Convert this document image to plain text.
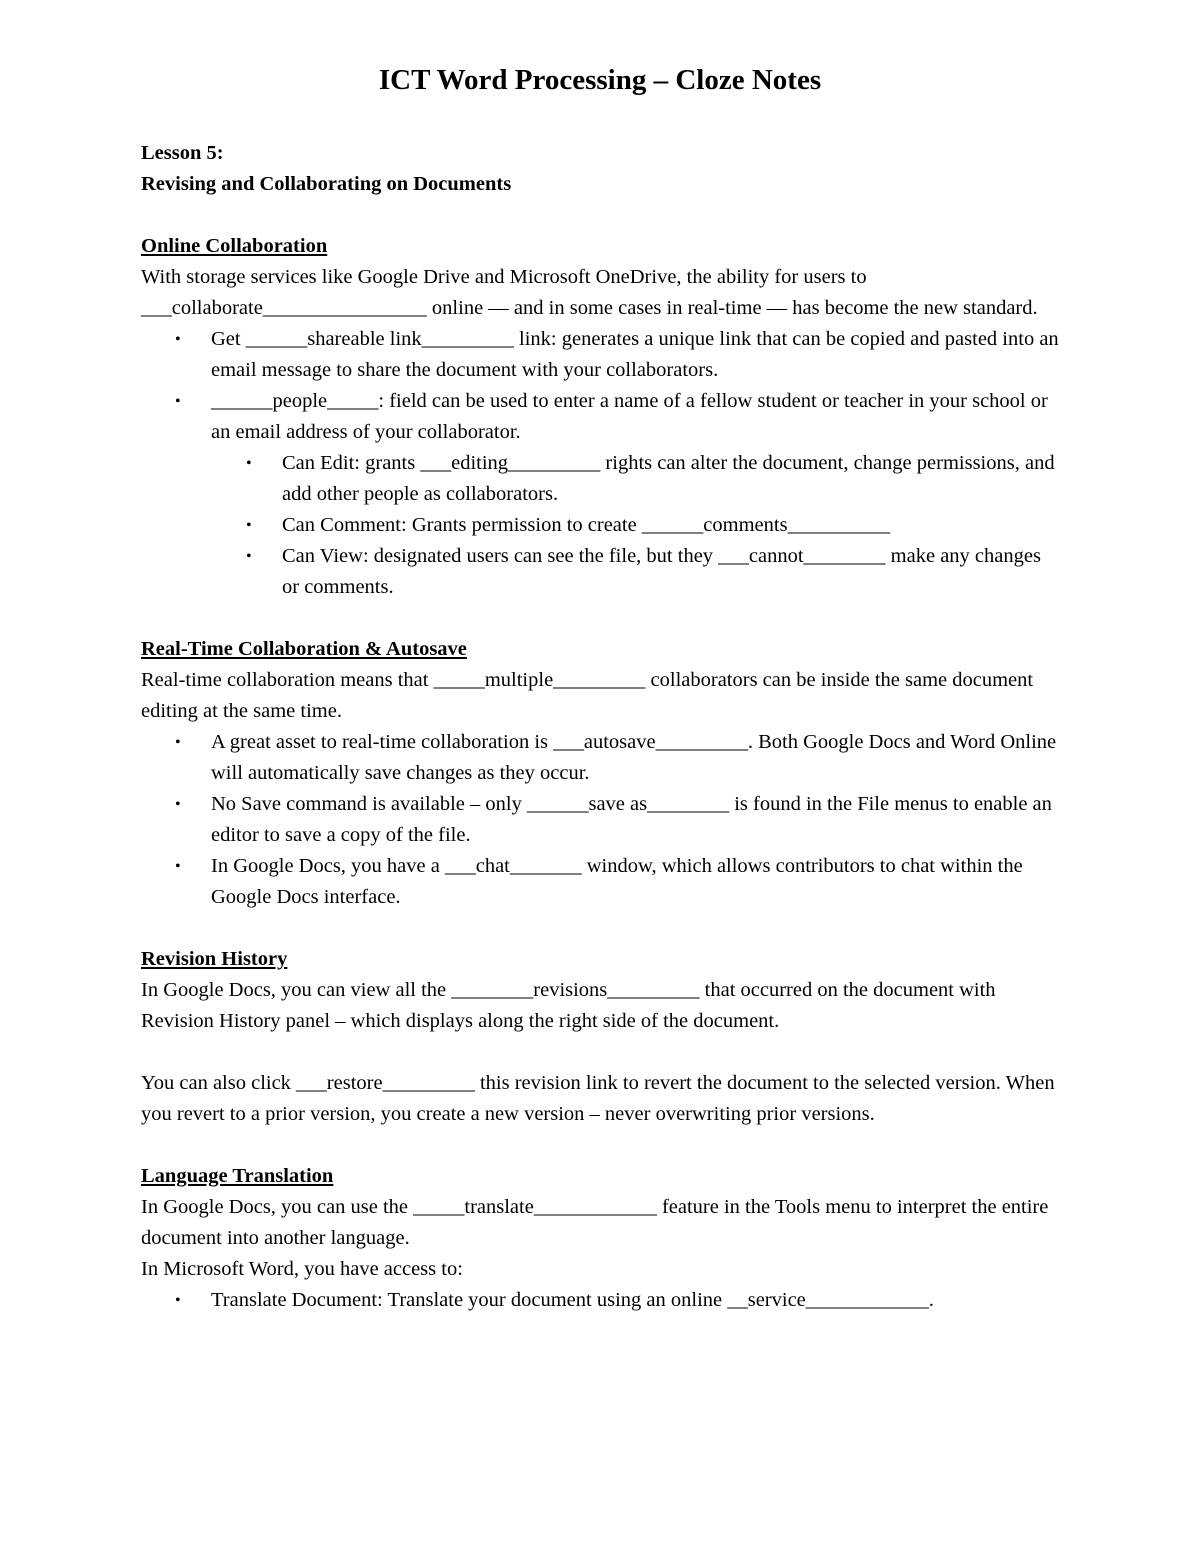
ICT Word Processing – Cloze Notes

Lesson 5:

Revising and Collaborating on Documents

Online Collaboration

With storage services like Google Drive and Microsoft OneDrive, the ability for users to ___collaborate________________ online — and in some cases in real-time — has become the new standard.

• Get ______shareable link_________ link: generates a unique link that can be copied and pasted into an email message to share the document with your collaborators.
• ______people_____: field can be used to enter a name of a fellow student or teacher in your school or an email address of your collaborator.
• Can Edit: grants ___editing_________ rights can alter the document, change permissions, and add other people as collaborators.
• Can Comment: Grants permission to create ______comments__________
• Can View: designated users can see the file, but they ___cannot________ make any changes or comments.

Real-Time Collaboration & Autosave

Real-time collaboration means that _____multiple_________ collaborators can be inside the same document editing at the same time.

• A great asset to real-time collaboration is ___autosave_________. Both Google Docs and Word Online will automatically save changes as they occur.
• No Save command is available – only ______save as________ is found in the File menus to enable an editor to save a copy of the file.
• In Google Docs, you have a ___chat_______ window, which allows contributors to chat within the Google Docs interface.

Revision History

In Google Docs, you can view all the ________revisions_________ that occurred on the document with Revision History panel – which displays along the right side of the document.

You can also click ___restore_________ this revision link to revert the document to the selected version. When you revert to a prior version, you create a new version – never overwriting prior versions.

Language Translation

In Google Docs, you can use the _____translate____________ feature in the Tools menu to interpret the entire document into another language.

In Microsoft Word, you have access to:

• Translate Document: Translate your document using an online __service____________.
